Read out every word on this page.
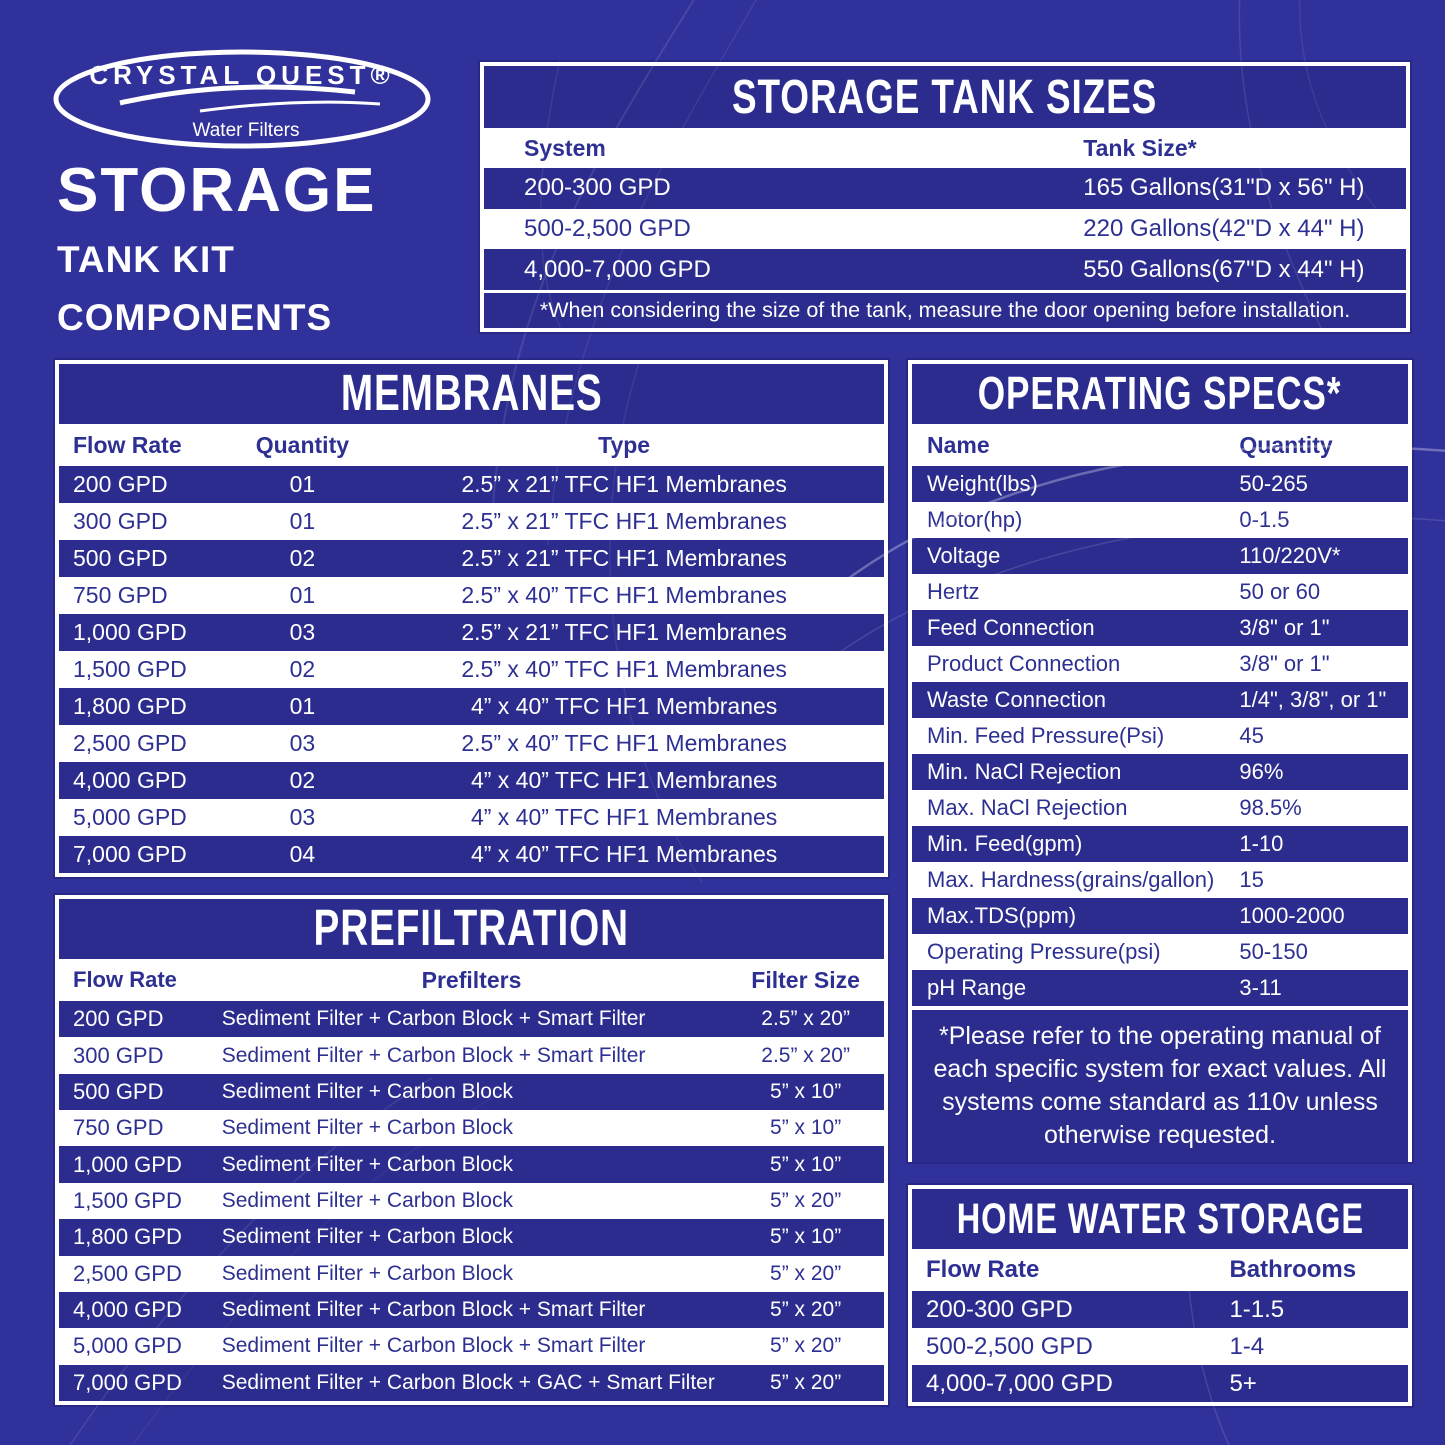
CRYSTAL QUEST®
Water Filters
STORAGE
TANK KIT
COMPONENTS
STORAGE TANK SIZES
System	Tank Size*
200-300 GPD	165 Gallons(31"D x 56" H)
500-2,500 GPD	220 Gallons(42"D x 44" H)
4,000-7,000 GPD	550 Gallons(67"D x 44" H)
*When considering the size of the tank, measure the door opening before installation.
MEMBRANES
Flow Rate	Quantity	Type
200 GPD	01	2.5” x 21” TFC HF1 Membranes
300 GPD	01	2.5” x 21” TFC HF1 Membranes
500 GPD	02	2.5” x 21” TFC HF1 Membranes
750 GPD	01	2.5” x 40” TFC HF1 Membranes
1,000 GPD	03	2.5” x 21” TFC HF1 Membranes
1,500 GPD	02	2.5” x 40” TFC HF1 Membranes
1,800 GPD	01	4” x 40” TFC HF1 Membranes
2,500 GPD	03	2.5” x 40” TFC HF1 Membranes
4,000 GPD	02	4” x 40” TFC HF1 Membranes
5,000 GPD	03	4” x 40” TFC HF1 Membranes
7,000 GPD	04	4” x 40” TFC HF1 Membranes
OPERATING SPECS*
Name	Quantity
Weight(lbs)	50-265
Motor(hp)	0-1.5
Voltage	110/220V*
Hertz	50 or 60
Feed Connection	3/8" or 1"
Product Connection	3/8" or 1"
Waste Connection	1/4", 3/8", or 1"
Min. Feed Pressure(Psi)	45
Min. NaCl Rejection	96%
Max. NaCl Rejection	98.5%
Min. Feed(gpm)	1-10
Max. Hardness(grains/gallon)	15
Max.TDS(ppm)	1000-2000
Operating Pressure(psi)	50-150
pH Range	3-11
*Please refer to the operating manual of each specific system for exact values. All systems come standard as 110v unless otherwise requested.
PREFILTRATION
Flow Rate	Prefilters	Filter Size
200 GPD	Sediment Filter + Carbon Block + Smart Filter	2.5” x 20”
300 GPD	Sediment Filter + Carbon Block + Smart Filter	2.5” x 20”
500 GPD	Sediment Filter + Carbon Block	5” x 10”
750 GPD	Sediment Filter + Carbon Block	5” x 10”
1,000 GPD	Sediment Filter + Carbon Block	5” x 10”
1,500 GPD	Sediment Filter + Carbon Block	5” x 20”
1,800 GPD	Sediment Filter + Carbon Block	5” x 10”
2,500 GPD	Sediment Filter + Carbon Block	5” x 20”
4,000 GPD	Sediment Filter + Carbon Block + Smart Filter	5” x 20”
5,000 GPD	Sediment Filter + Carbon Block + Smart Filter	5” x 20”
7,000 GPD	Sediment Filter + Carbon Block + GAC + Smart Filter	5” x 20”
HOME WATER STORAGE
Flow Rate	Bathrooms
200-300 GPD	1-1.5
500-2,500 GPD	1-4
4,000-7,000 GPD	5+
